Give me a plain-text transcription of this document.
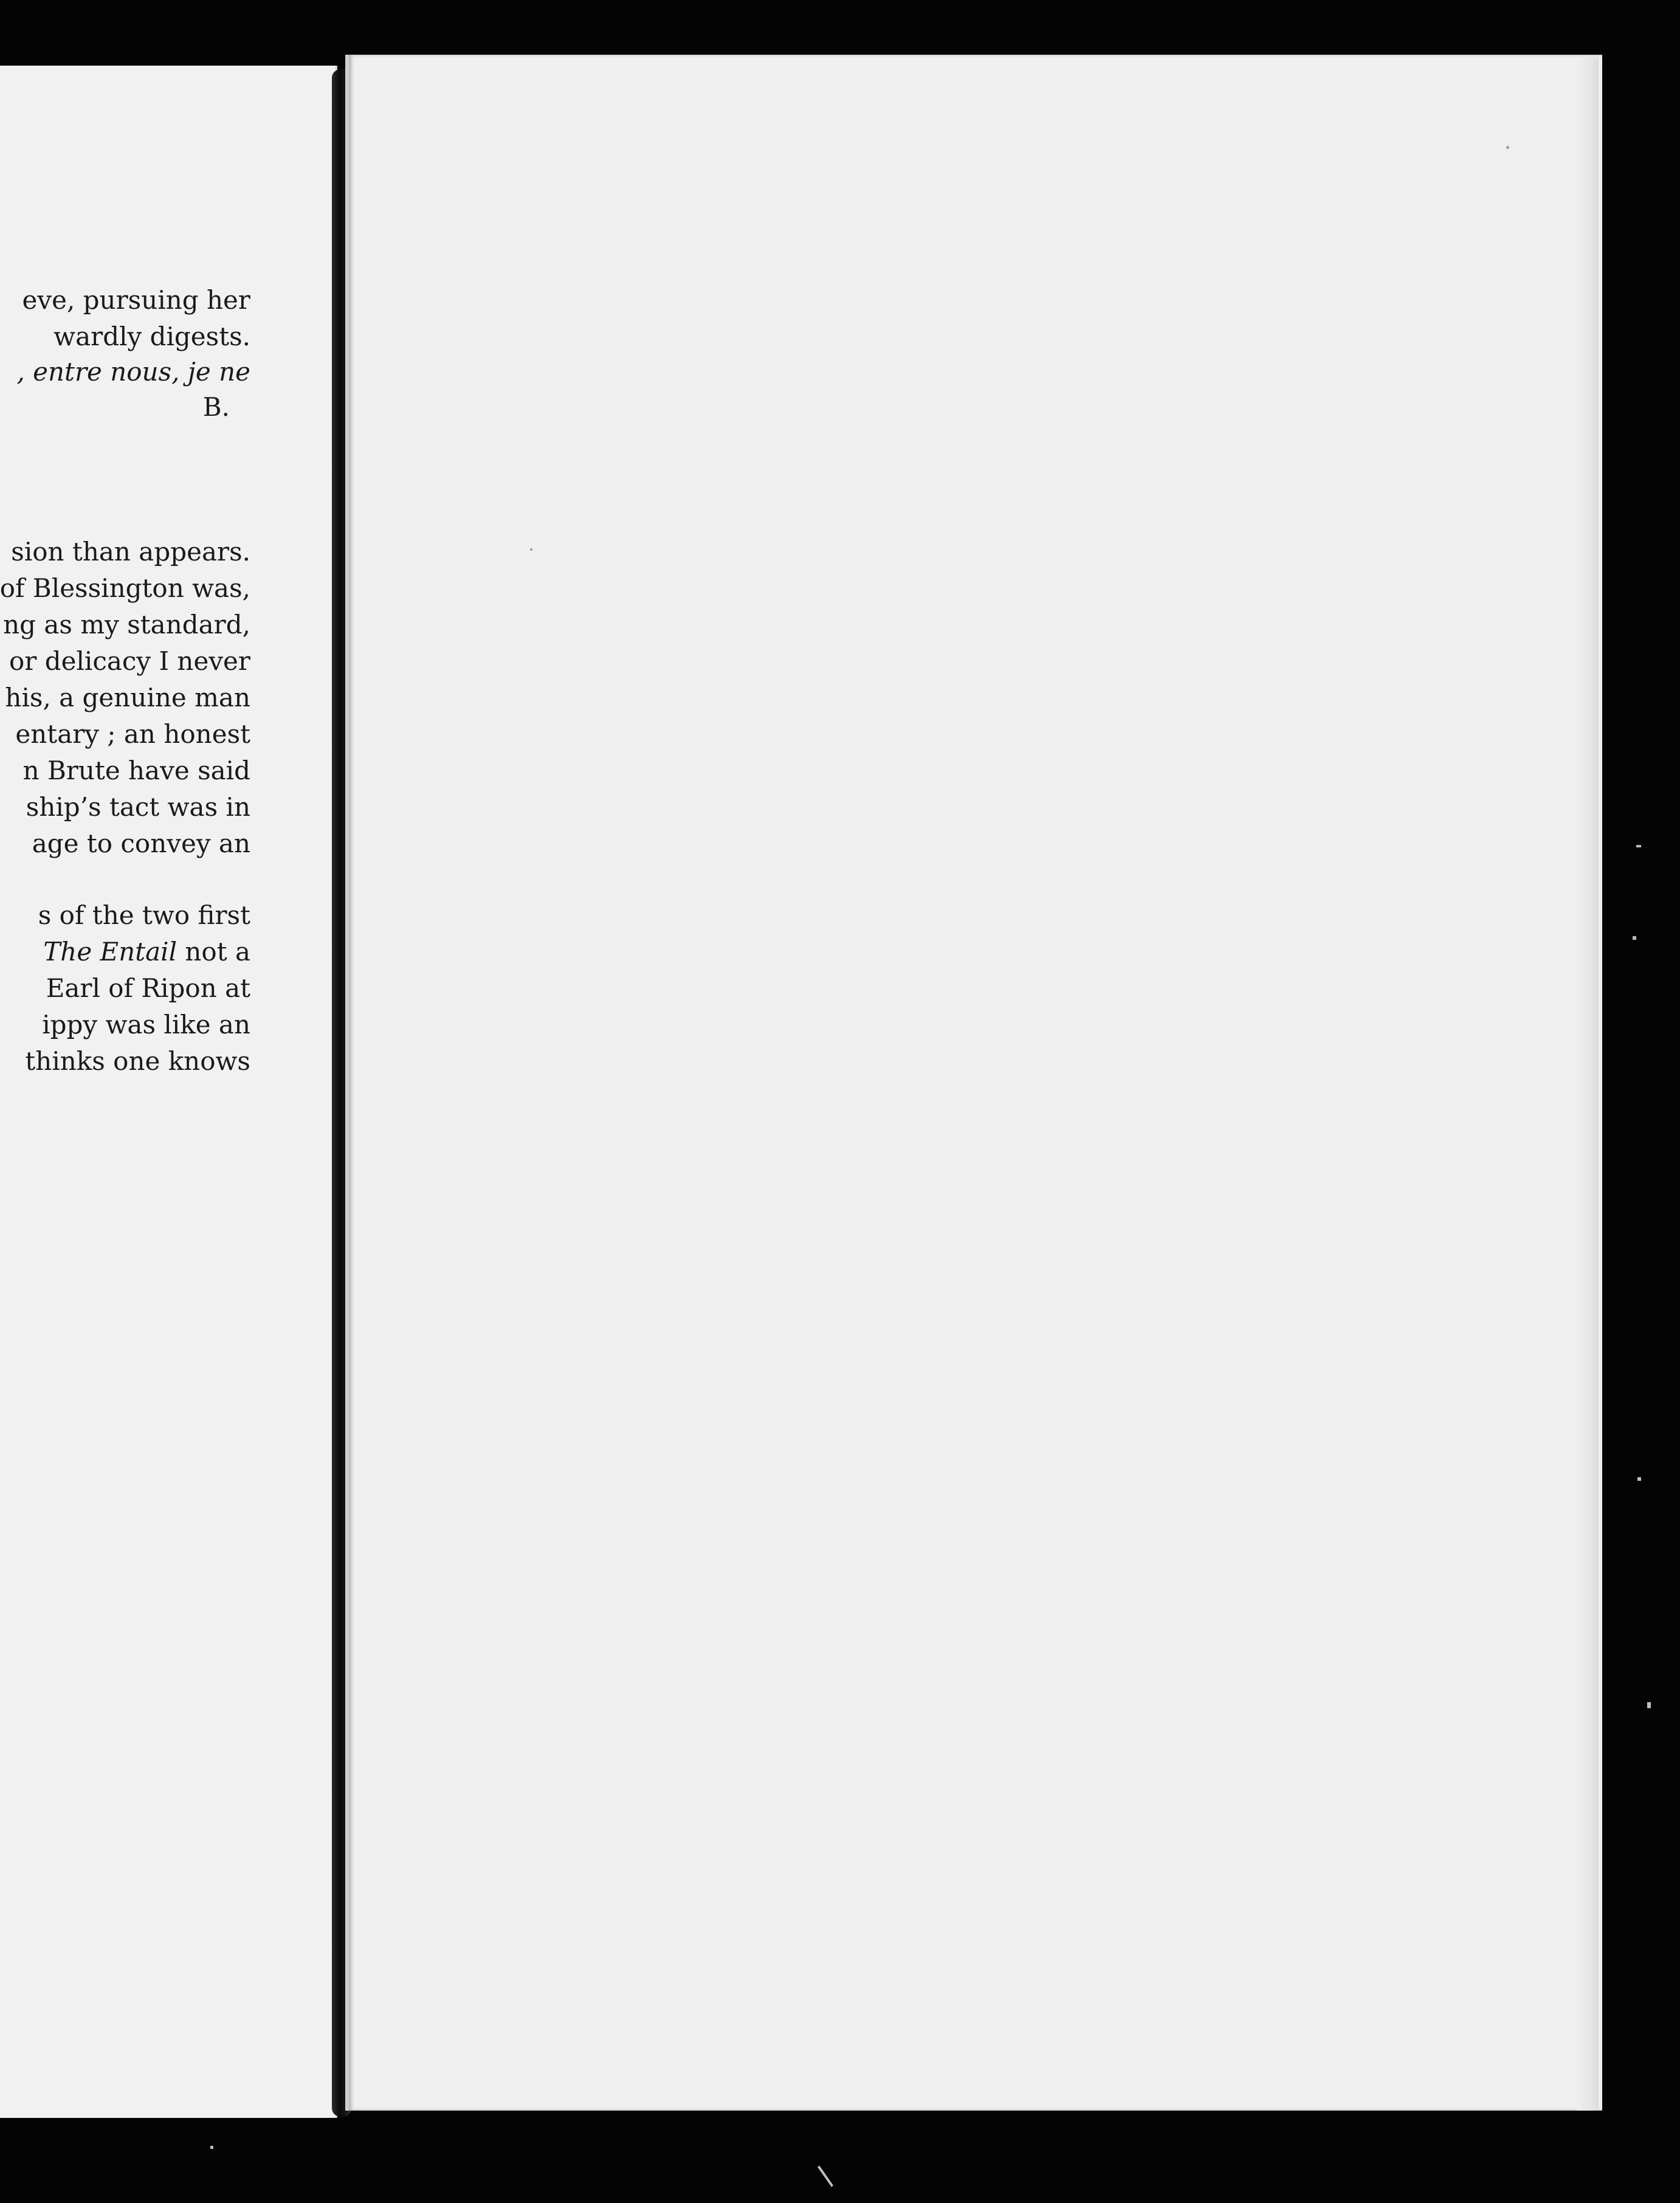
eve, pursuing her
wardly digests.
, entre nous, je ne
B.
sion than appears.
of Blessington was,
ng as my standard,
or delicacy I never
his, a genuine man
entary ; an honest
n Brute have said
ship’s tact was in
age to convey an
s of the two first
The Entail not a
Earl of Ripon at
ippy was like an
thinks one knows
